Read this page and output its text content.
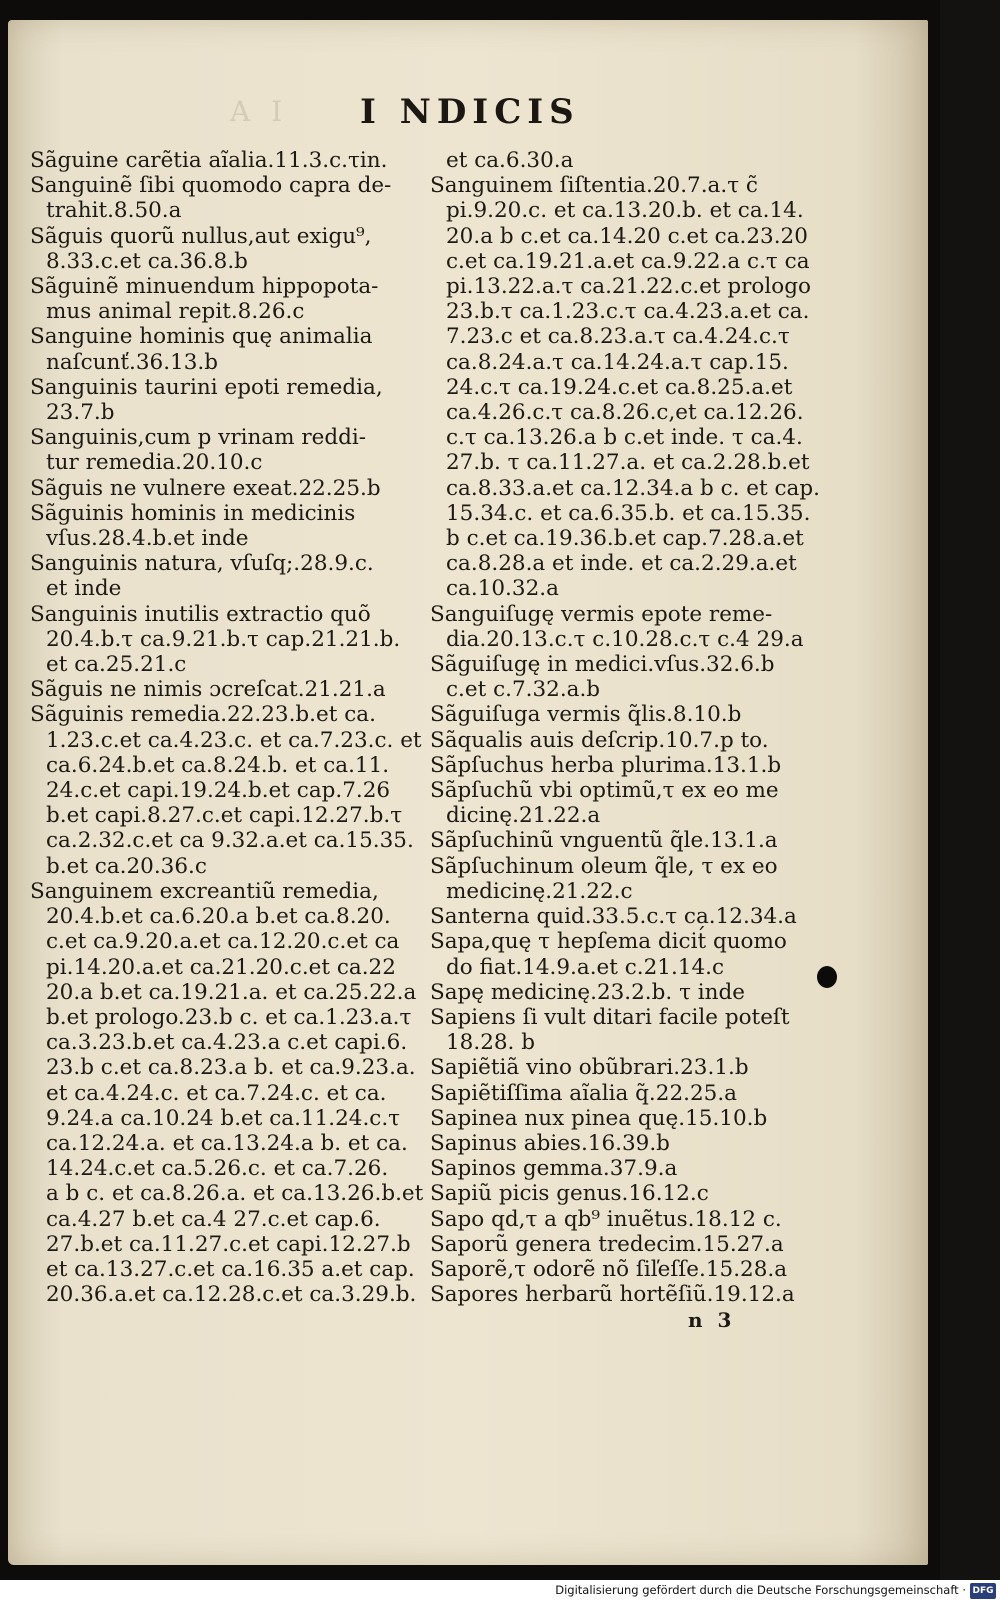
A I I NDICIS
Sãguine carẽtia aĩalia.11.3.c.τin.
Sanguinẽ ſibi quomodo capra de-
trahit.8.50.a
Sãguis quorũ nullus,aut exigu⁹,
8.33.c.et ca.36.8.b
Sãguinẽ minuendum hippopota-
mus animal repit.8.26.c
Sanguine hominis quę animalia
naſcunť.36.13.b
Sanguinis taurini epoti remedia,
23.7.b
Sanguinis,cum p vrinam reddi-
tur remedia.20.10.c
Sãguis ne vulnere exeat.22.25.b
Sãguinis hominis in medicinis
vſus.28.4.b.et inde
Sanguinis natura, vſuſq;.28.9.c.
et inde
Sanguinis inutilis extractio quõ
20.4.b.τ ca.9.21.b.τ cap.21.21.b.
et ca.25.21.c
Sãguis ne nimis ɔcreſcat.21.21.a
Sãguinis remedia.22.23.b.et ca.
1.23.c.et ca.4.23.c. et ca.7.23.c. et
ca.6.24.b.et ca.8.24.b. et ca.11.
24.c.et capi.19.24.b.et cap.7.26
b.et capi.8.27.c.et capi.12.27.b.τ
ca.2.32.c.et ca 9.32.a.et ca.15.35.
b.et ca.20.36.c
Sanguinem excreantiũ remedia,
20.4.b.et ca.6.20.a b.et ca.8.20.
c.et ca.9.20.a.et ca.12.20.c.et ca
pi.14.20.a.et ca.21.20.c.et ca.22
20.a b.et ca.19.21.a. et ca.25.22.a
b.et prologo.23.b c. et ca.1.23.a.τ
ca.3.23.b.et ca.4.23.a c.et capi.6.
23.b c.et ca.8.23.a b. et ca.9.23.a.
et ca.4.24.c. et ca.7.24.c. et ca.
9.24.a ca.10.24 b.et ca.11.24.c.τ
ca.12.24.a. et ca.13.24.a b. et ca.
14.24.c.et ca.5.26.c. et ca.7.26.
a b c. et ca.8.26.a. et ca.13.26.b.et
ca.4.27 b.et ca.4 27.c.et cap.6.
27.b.et ca.11.27.c.et capi.12.27.b
et ca.13.27.c.et ca.16.35 a.et cap.
20.36.a.et ca.12.28.c.et ca.3.29.b.
et ca.6.30.a
Sanguinem ſiſtentia.20.7.a.τ c̃
pi.9.20.c. et ca.13.20.b. et ca.14.
20.a b c.et ca.14.20 c.et ca.23.20
c.et ca.19.21.a.et ca.9.22.a c.τ ca
pi.13.22.a.τ ca.21.22.c.et prologo
23.b.τ ca.1.23.c.τ ca.4.23.a.et ca.
7.23.c et ca.8.23.a.τ ca.4.24.c.τ
ca.8.24.a.τ ca.14.24.a.τ cap.15.
24.c.τ ca.19.24.c.et ca.8.25.a.et
ca.4.26.c.τ ca.8.26.c,et ca.12.26.
c.τ ca.13.26.a b c.et inde. τ ca.4.
27.b. τ ca.11.27.a. et ca.2.28.b.et
ca.8.33.a.et ca.12.34.a b c. et cap.
15.34.c. et ca.6.35.b. et ca.15.35.
b c.et ca.19.36.b.et cap.7.28.a.et
ca.8.28.a et inde. et ca.2.29.a.et
ca.10.32.a
Sanguiſugę vermis epote reme-
dia.20.13.c.τ c.10.28.c.τ c.4 29.a
Sãguiſugę in medici.vſus.32.6.b
c.et c.7.32.a.b
Sãguiſuga vermis q̃lis.8.10.b
Sãqualis auis deſcrip.10.7.p to.
Sãpſuchus herba plurima.13.1.b
Sãpſuchũ vbi optimũ,τ ex eo me
dicinę.21.22.a
Sãpſuchinũ vnguentũ q̃le.13.1.a
Sãpſuchinum oleum q̃le, τ ex eo
medicinę.21.22.c
Santerna quid.33.5.c.τ ca.12.34.a
Sapa,quę τ hepſema dicit́ quomo
do fiat.14.9.a.et c.21.14.c
Sapę medicinę.23.2.b. τ inde
Sapiens ſi vult ditari facile poteſt
18.28. b
Sapiẽtiã vino obũbrari.23.1.b
Sapiẽtiſſima aĩalia q̃.22.25.a
Sapinea nux pinea quę.15.10.b
Sapinus abies.16.39.b
Sapinos gemma.37.9.a
Sapiũ picis genus.16.12.c
Sapo qd,τ a qb⁹ inuẽtus.18.12 c.
Saporũ genera tredecim.15.27.a
Saporẽ,τ odorẽ nõ ſiľeſſe.15.28.a
Sapores herbarũ hortẽſiũ.19.12.a
n 3
Digitalisierung gefördert durch die Deutsche Forschungsgemeinschaft · DFG
